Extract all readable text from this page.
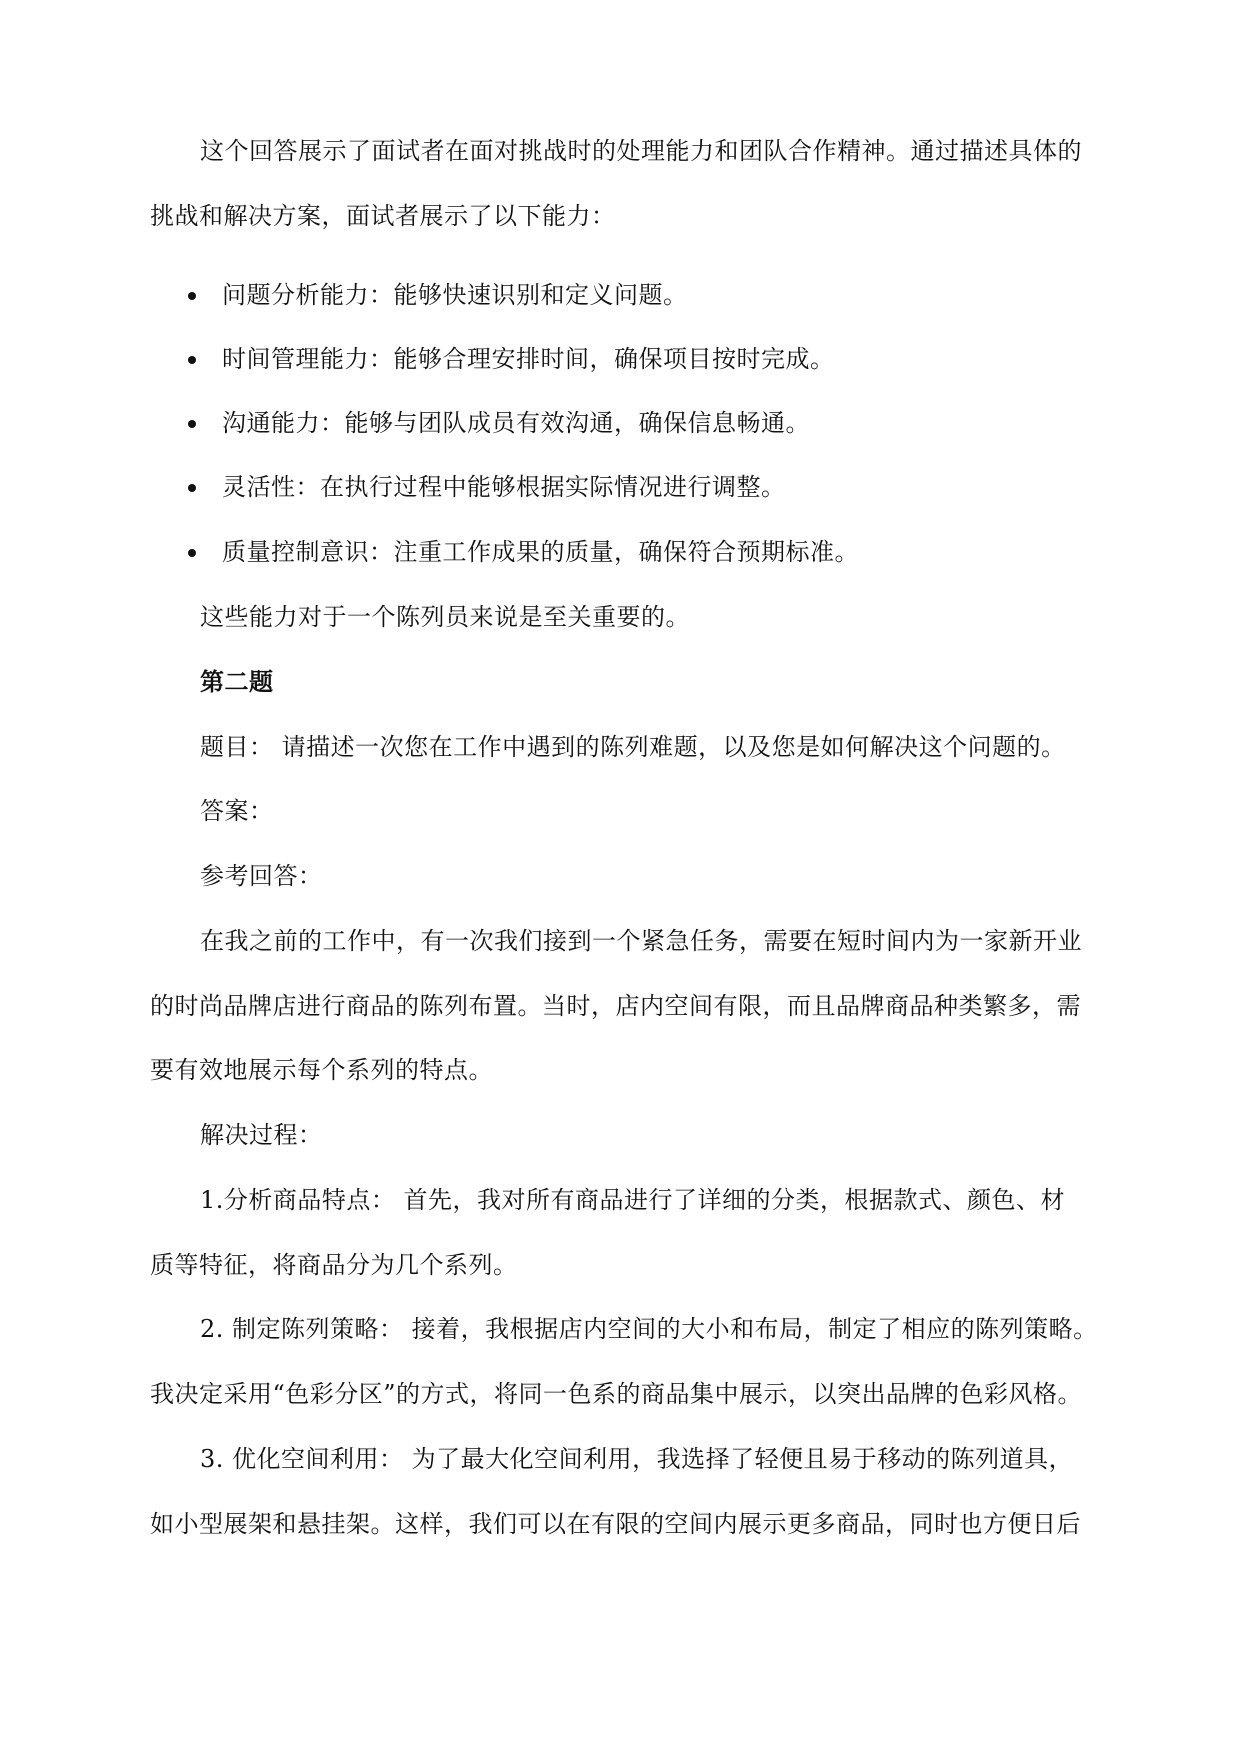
这个回答展示了面试者在面对挑战时的处理能力和团队合作精神。通过描述具体的
挑战和解决方案，面试者展示了以下能力：
问题分析能力：能够快速识别和定义问题。
时间管理能力：能够合理安排时间，确保项目按时完成。
沟通能力：能够与团队成员有效沟通，确保信息畅通。
灵活性：在执行过程中能够根据实际情况进行调整。
质量控制意识：注重工作成果的质量，确保符合预期标准。
这些能力对于一个陈列员来说是至关重要的。
第二题
题目： 请描述一次您在工作中遇到的陈列难题，以及您是如何解决这个问题的。
答案：
参考回答：
在我之前的工作中，有一次我们接到一个紧急任务，需要在短时间内为一家新开业
的时尚品牌店进行商品的陈列布置。当时，店内空间有限，而且品牌商品种类繁多，需
要有效地展示每个系列的特点。
解决过程：
1.分析商品特点： 首先，我对所有商品进行了详细的分类，根据款式、颜色、材
质等特征，将商品分为几个系列。
2. 制定陈列策略： 接着，我根据店内空间的大小和布局，制定了相应的陈列策略。
我决定采用“色彩分区”的方式，将同一色系的商品集中展示，以突出品牌的色彩风格。
3. 优化空间利用： 为了最大化空间利用，我选择了轻便且易于移动的陈列道具，
如小型展架和悬挂架。这样，我们可以在有限的空间内展示更多商品，同时也方便日后
